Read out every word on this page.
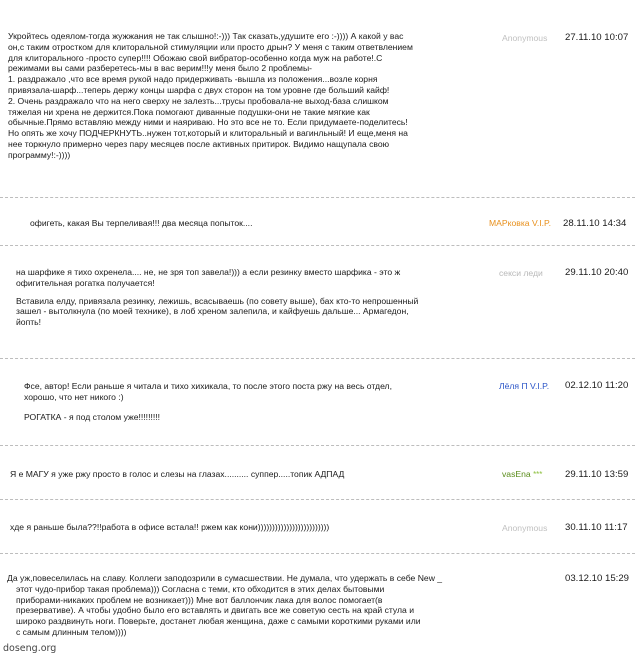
Укройтесь одеялом-тогда жужжания не так слышно!:-))) Так сказать,удушите его :-)))) А какой у вас

он,с таким отростком для клиторальной стимуляции или просто дрын? У меня с таким ответвлением

для клиторального -просто супер!!!! Обожаю свой вибратор-особенно когда муж на работе!.С

режимами вы сами разберетесь-мы в вас верим!!!у меня было 2 проблемы-

1. раздражало ,что все время рукой надо придерживать -вышла из положения...возле корня

привязала-шарф...теперь держу концы шарфа с двух сторон на том уровне где больший кайф!

2. Очень раздражало что на него сверху не залезть...трусы пробовала-не выход-база слишком

тяжелая ни хрена не держится.Пока помогают диванные подушки-они не такие мягкие как

обычные.Прямо вставляю между ними и наяриваю. Но это все не то. Если придумаете-поделитесь!

Но опять же хочу ПОДЧЕРКНУТЬ..нужен тот,который и клиторальный и вагинльный! И еще,меня на

нее торкнуло примерно через пару месяцев после активных притирок. Видимо нащупала свою

программу!:-))))

Anonymous 27.11.10 10:07

офигеть, какая Вы терпеливая!!! два месяца попыток....	МАРковка V.I.P. 28.11.10 14:34

на шарфике я тихо охренела.... не, не зря топ завела!))) а если резинку вместо шарфика - это ж

офигительная рогатка получается!

Вставила елду, привязала резинку, лежишь, всасываешь (по совету выше), бах кто-то непрошенный

зашел - вытолкнула (по моей технике), в лоб хреном залепила, и кайфуешь дальше... Армагедон,

йопть!

секси леди 29.11.10 20:40

Фсе, автор! Если раньше я читала и тихо хихикала, то после этого поста ржу на весь отдел,

хорошо, что нет никого :)

РОГАТКА - я под столом уже!!!!!!!!!

Лёля П V.I.P. 02.12.10 11:20

Я е МАГУ я уже ржу просто в голос и слезы на глазах.......... суппер.....топик АДПАД	vasEna *** 29.11.10 13:59

хде я раньше была??!!работа в офисе встала!! ржем как кони)))))))))))))))))))))))))	Anonymous 30.11.10 11:17

Да уж,повеселилась на славу. Коллеги заподозрили в сумасшествии. Не думала, что удержать в себе New _

этот чудо-прибор такая проблема))) Согласна с теми, кто обходится в этих делах бытовыми

приборами-никаких проблем не возникает))) Мне вот баллончик лака для волос помогает(в

презервативе). А чтобы удобно было его вставлять и двигать все же советую сесть на край стула и

широко раздвинуть ноги. Поверьте, достанет любая женщина, даже с самыми короткими руками или

с самым длинным телом))))

03.12.10 15:29
doseng.org
